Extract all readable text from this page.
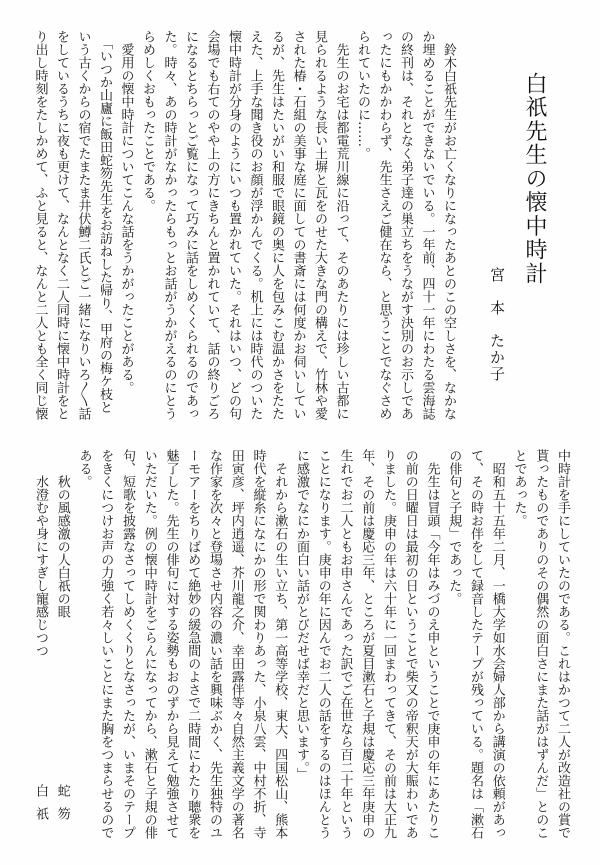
白祇先生の懐中時計
宮　本　たか子
　鈴木白祇先生がお亡くなりになったあとのこの空しさを、なかな
か埋めることができないでいる。一年前、四十一年にわたる雲海誌
の終刊は、それとなく弟子達の巣立ちをうながす決別のお示しであ
ったにもかかわらず、先生さえご健在なら、と思うことでなぐさめ
られていたのに……。
　先生のお宅は都電荒川線に沿って、そのあたりには珍しい古都に
見られるような長い土塀と瓦をのせた大きな門の構えで、竹林や愛
された椿・石組の美事な庭に面しての書斎には何度かお伺いしてい
るが、先生はたいがい和服で眼鏡の奥に人を包みこむ温かさをたた
えた、上手な聞き役のお顔が浮かんでくる。机上には時代のついた
懐中時計が分身のようにいつも置かれていた。それはいつ、どの句
会場でも右てのやや上の方にきちんと置かれていて、話の終りごろ
になるとちらっとご覧になって巧みに話をしめくくられるのであっ
た。時々、あの時計がなかったらもっとお話がうかがえるのにとう
らめしくおもったことである。
　愛用の懐中時計についてこんな話をうかがったことがある。
　「いつか山廬に飯田蛇笏先生をお訪ねした帰り、甲府の梅ケ枝と
いう古くからの宿でたまたま井伏鱒二氏とご一緒になりいろ〱話
をしているうちに夜も更けて、なんとなく二人同時に懐中時計をと
り出し時刻をたしかめて、ふと見ると、なんと二人とも全く同じ懐
中時計を手にしていたのである。これはかつて二人が改造社の賞で
貰ったものでありのその偶然の面白さにまた話がはずんだ」とのこ
とであった。
　昭和五十五年二月、一橋大学如水会婦人部から講演の依頼があっ
て、その時お伴をして録音したテープが残っている。題名は「漱石
の俳句と子規」であった。
　先生は冒頭「今年はみづのえ申ということで庚申の年にあたりこ
の前の日曜日は最初の日ということで柴又の帝釈天が大賑わいであ
りました。庚申の年は六十年に一回まわってきて、その前は大正九
年、その前は慶応三年、ところが夏目漱石と子規は慶応三年庚申の
生れでお二人ともお申さんであった訳でご在世なら百二十年という
ことになります。庚申の年に因んでお二人の話をするのはほんとう
に感激でなにか面白い話がとびだせば幸だと思います。」
　それから漱石の生い立ち、第一高等学校、東大、四国松山、熊本
時代を縦糸になにかの形で関わりあった、小泉八雲、中村不折、寺
田寅彦、坪内逍遥、芥川龍之介、幸田露伴等々自然主義文学の著名
な作家を次々と登場させ内容の濃い話を興味ぶかく、先生独特のユ
ーモアーをちりばめて絶妙の緩急間のよさで二時間にわたり聴衆を
魅了した。先生の俳句に対する姿勢もおのずから見えて勉強させて
いただいた。例の懐中時計をごらんになってから、漱石と子規の俳
句、短歌を披露なさってしめくくりとなさったが、いまそのテープ
をきくにつけお声の力強く若々しいことにまた胸をつまらせるので
ある。
秋の風感激の人白祇の眼
蛇笏
水澄むや身にすぎし寵感じつつ
白祇
